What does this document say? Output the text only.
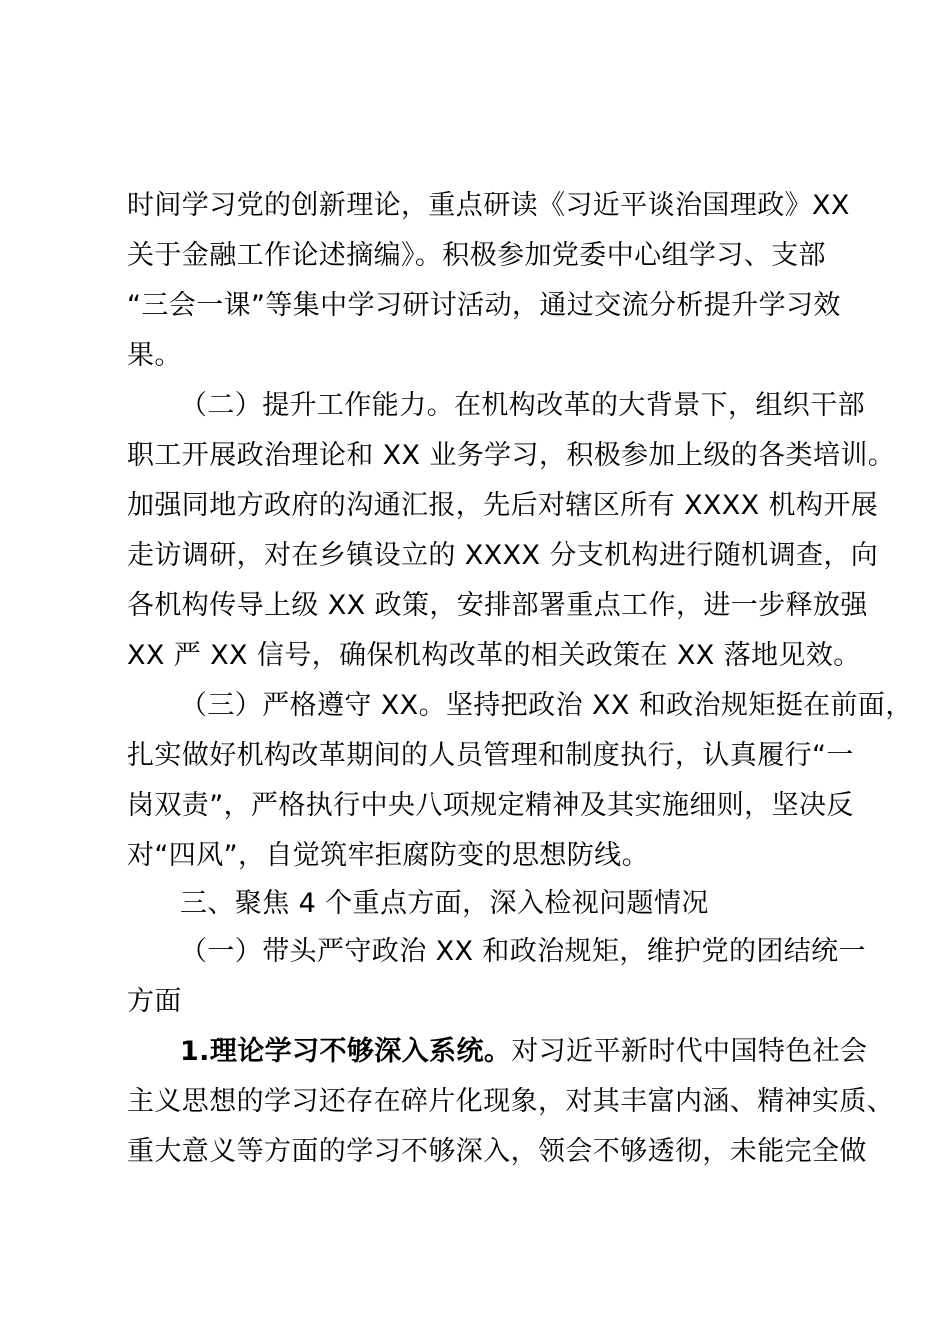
时间学习党的创新理论，重点研读《习近平谈治国理政》XX
关于金融工作论述摘编》。积极参加党委中心组学习、支部
“三会一课”等集中学习研讨活动，通过交流分析提升学习效
果。
（二）提升工作能力。在机构改革的大背景下，组织干部
职工开展政治理论和 XX 业务学习，积极参加上级的各类培训。
加强同地方政府的沟通汇报，先后对辖区所有 XXXX 机构开展
走访调研，对在乡镇设立的 XXXX 分支机构进行随机调查，向
各机构传导上级 XX 政策，安排部署重点工作，进一步释放强
XX 严 XX 信号，确保机构改革的相关政策在 XX 落地见效。
（三）严格遵守 XX。坚持把政治 XX 和政治规矩挺在前面，
扎实做好机构改革期间的人员管理和制度执行，认真履行“一
岗双责”，严格执行中央八项规定精神及其实施细则，坚决反
对“四风”，自觉筑牢拒腐防变的思想防线。
三、聚焦 4 个重点方面，深入检视问题情况
（一）带头严守政治 XX 和政治规矩，维护党的团结统一
方面
1.理论学习不够深入系统。对习近平新时代中国特色社会
主义思想的学习还存在碎片化现象，对其丰富内涵、精神实质、
重大意义等方面的学习不够深入，领会不够透彻，未能完全做
